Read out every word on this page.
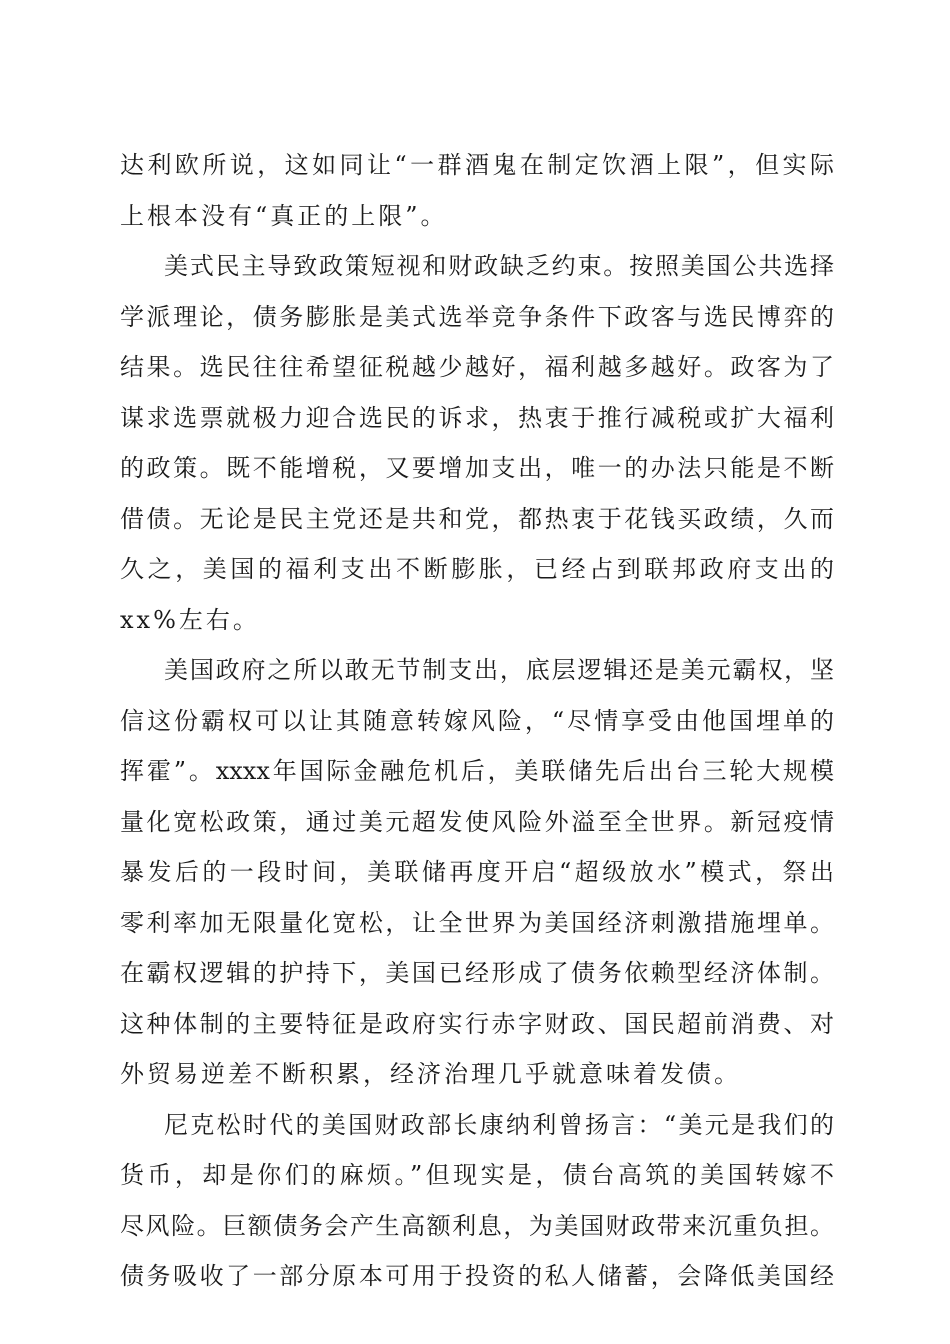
达利欧所说，这如同让“一群酒鬼在制定饮酒上限”，但实际
上根本没有“真正的上限”。
美式民主导致政策短视和财政缺乏约束。按照美国公共选择
学派理论，债务膨胀是美式选举竞争条件下政客与选民博弈的
结果。选民往往希望征税越少越好，福利越多越好。政客为了
谋求选票就极力迎合选民的诉求，热衷于推行减税或扩大福利
的政策。既不能增税，又要增加支出，唯一的办法只能是不断
借债。无论是民主党还是共和党，都热衷于花钱买政绩，久而
久之，美国的福利支出不断膨胀，已经占到联邦政府支出的
xx%左右。
美国政府之所以敢无节制支出，底层逻辑还是美元霸权，坚
信这份霸权可以让其随意转嫁风险，“尽情享受由他国埋单的
挥霍”。xxxx年国际金融危机后，美联储先后出台三轮大规模
量化宽松政策，通过美元超发使风险外溢至全世界。新冠疫情
暴发后的一段时间，美联储再度开启“超级放水”模式，祭出
零利率加无限量化宽松，让全世界为美国经济刺激措施埋单。
在霸权逻辑的护持下，美国已经形成了债务依赖型经济体制。
这种体制的主要特征是政府实行赤字财政、国民超前消费、对
外贸易逆差不断积累，经济治理几乎就意味着发债。
尼克松时代的美国财政部长康纳利曾扬言：“美元是我们的
货币，却是你们的麻烦。”但现实是，债台高筑的美国转嫁不
尽风险。巨额债务会产生高额利息，为美国财政带来沉重负担。
债务吸收了一部分原本可用于投资的私人储蓄，会降低美国经
